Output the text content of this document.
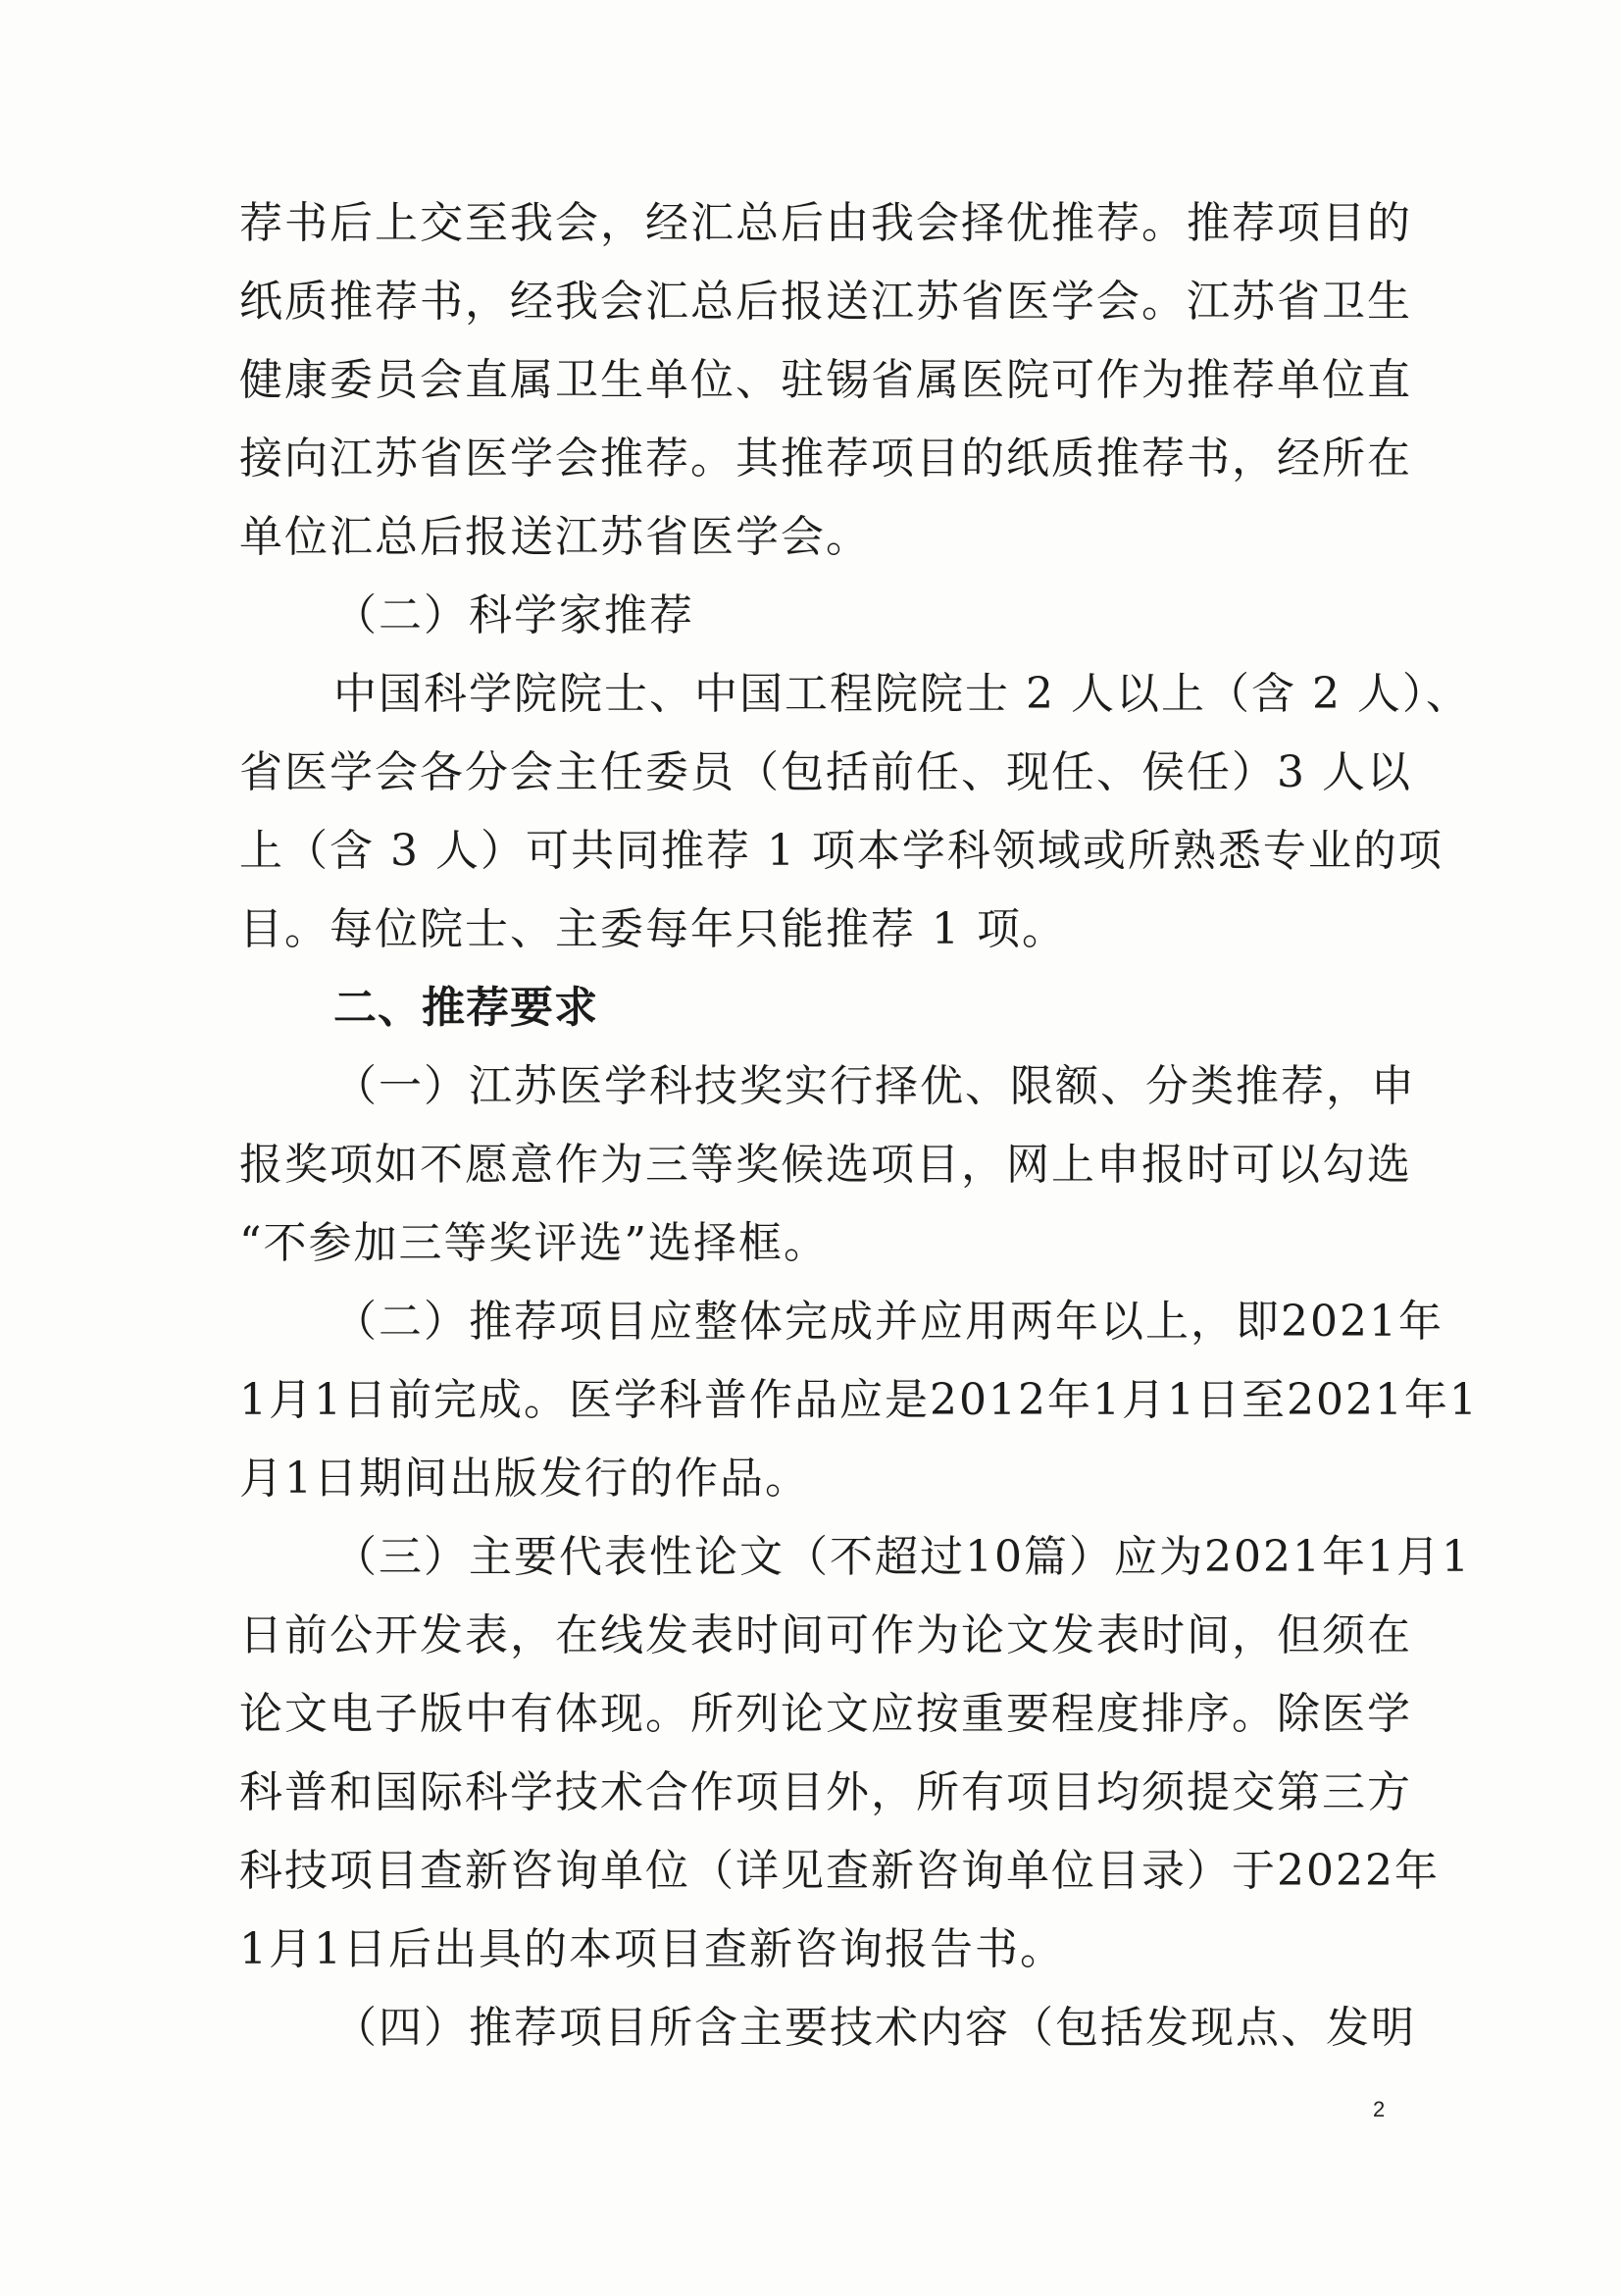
荐书后上交至我会，经汇总后由我会择优推荐。推荐项目的
纸质推荐书，经我会汇总后报送江苏省医学会。江苏省卫生
健康委员会直属卫生单位、驻锡省属医院可作为推荐单位直
接向江苏省医学会推荐。其推荐项目的纸质推荐书，经所在
单位汇总后报送江苏省医学会。
（二）科学家推荐
中国科学院院士、中国工程院院士 2 人以上（含 2 人）、
省医学会各分会主任委员（包括前任、现任、侯任）3 人以
上（含 3 人）可共同推荐 1 项本学科领域或所熟悉专业的项
目。每位院士、主委每年只能推荐 1 项。
二、推荐要求
（一）江苏医学科技奖实行择优、限额、分类推荐，申
报奖项如不愿意作为三等奖候选项目，网上申报时可以勾选
“不参加三等奖评选”选择框。
（二）推荐项目应整体完成并应用两年以上，即2021年
1月1日前完成。医学科普作品应是2012年1月1日至2021年1
月1日期间出版发行的作品。
（三）主要代表性论文（不超过10篇）应为2021年1月1
日前公开发表，在线发表时间可作为论文发表时间，但须在
论文电子版中有体现。所列论文应按重要程度排序。除医学
科普和国际科学技术合作项目外，所有项目均须提交第三方
科技项目查新咨询单位（详见查新咨询单位目录）于2022年
1月1日后出具的本项目查新咨询报告书。
（四）推荐项目所含主要技术内容（包括发现点、发明
2
